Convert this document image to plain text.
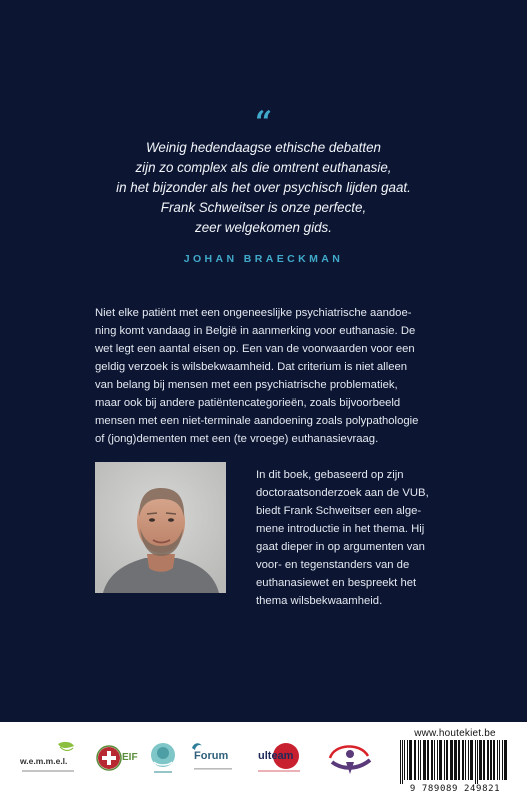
“
Weinig hedendaagse ethische debatten
zijn zo complex als die omtrent euthanasie,
in het bijzonder als het over psychisch lijden gaat.
Frank Schweitser is onze perfecte,
zeer welgekomen gids.
JOHAN BRAECKMAN
Niet elke patiënt met een ongeneeslijke psychiatrische aandoe-
ning komt vandaag in België in aanmerking voor euthanasie. De
wet legt een aantal eisen op. Een van de voorwaarden voor een
geldig verzoek is wilsbekwaamheid. Dat criterium is niet alleen
van belang bij mensen met een psychiatrische problematiek,
maar ook bij andere patiëntencategorieën, zoals bijvoorbeeld
mensen met een niet-terminale aandoening zoals polypathologie
of (jong)dementen met een (te vroege) euthanasievraag.
In dit boek, gebaseerd op zijn
doctoraatsonderzoek aan de VUB,
biedt Frank Schweitser een alge-
mene introductie in het thema. Hij
gaat dieper in op argumenten van
voor- en tegenstanders van de
euthanasiewet en bespreekt het
thema wilsbekwaamheid.
w.e.m.m.e.l.	EIF	Forum	ulteam
www.houtekiet.be
9 789089 249821
